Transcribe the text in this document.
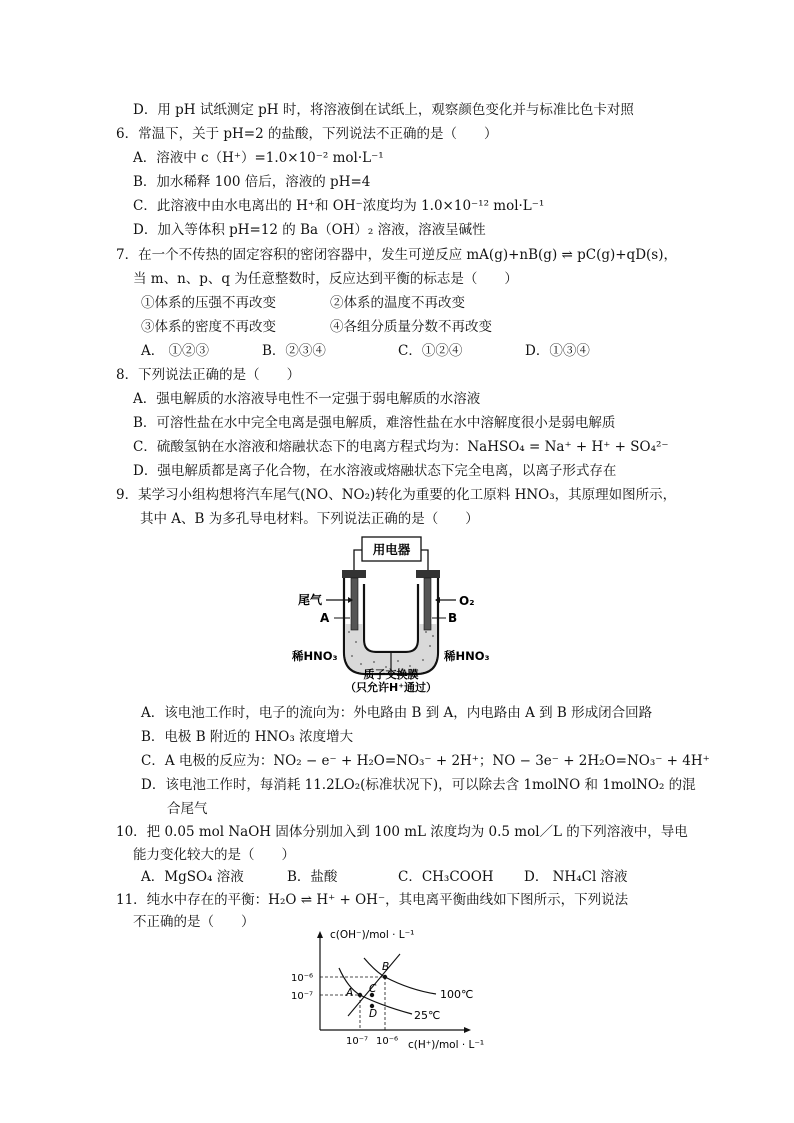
D．用 pH 试纸测定 pH 时，将溶液倒在试纸上，观察颜色变化并与标准比色卡对照
6．常温下，关于 pH=2 的盐酸，下列说法不正确的是（　　）
A．溶液中 c（H⁺）=1.0×10⁻² mol·L⁻¹
B．加水稀释 100 倍后，溶液的 pH=4
C．此溶液中由水电离出的 H⁺和 OH⁻浓度均为 1.0×10⁻¹² mol·L⁻¹
D．加入等体积 pH=12 的 Ba（OH）₂ 溶液，溶液呈碱性
7．在一个不传热的固定容积的密闭容器中，发生可逆反应 mA(g)+nB(g) ⇌ pC(g)+qD(s)，
当 m、n、p、q 为任意整数时，反应达到平衡的标志是（　　）
①体系的压强不再改变	②体系的温度不再改变
③体系的密度不再改变	④各组分质量分数不再改变
A． ①②③	B．②③④	C．①②④	D．①③④
8．下列说法正确的是（　　）
A．强电解质的水溶液导电性不一定强于弱电解质的水溶液
B．可溶性盐在水中完全电离是强电解质，难溶性盐在水中溶解度很小是弱电解质
C．硫酸氢钠在水溶液和熔融状态下的电离方程式均为：NaHSO₄ = Na⁺ + H⁺ + SO₄²⁻
D．强电解质都是离子化合物，在水溶液或熔融状态下完全电离，以离子形式存在
9．某学习小组构想将汽车尾气(NO、NO₂)转化为重要的化工原料 HNO₃，其原理如图所示，
其中 A、B 为多孔导电材料。下列说法正确的是（　　）
用电器
尾气	O₂
A	B
稀HNO₃	稀HNO₃
质子交换膜
（只允许H⁺通过）
A．该电池工作时，电子的流向为：外电路由 B 到 A，内电路由 A 到 B 形成闭合回路
B．电极 B 附近的 HNO₃ 浓度增大
C．A 电极的反应为：NO₂ − e⁻ + H₂O=NO₃⁻ + 2H⁺；NO − 3e⁻ + 2H₂O=NO₃⁻ + 4H⁺
D．该电池工作时，每消耗 11.2LO₂(标准状况下)，可以除去含 1molNO 和 1molNO₂ 的混
合尾气
10．把 0.05 mol NaOH 固体分别加入到 100 mL 浓度均为 0.5 mol／L 的下列溶液中，导电
能力变化较大的是（　　）
A．MgSO₄ 溶液	B．盐酸	C．CH₃COOH D． NH₄Cl 溶液
11．纯水中存在的平衡：H₂O ⇌ H⁺ + OH⁻，其电离平衡曲线如下图所示，下列说法
不正确的是（　　）
c(OH⁻)/mol · L⁻¹
c(H⁺)/mol · L⁻¹
A
B
C
D
100℃
25℃
10⁻⁶
10⁻⁷
10⁻⁷ 10⁻⁶
